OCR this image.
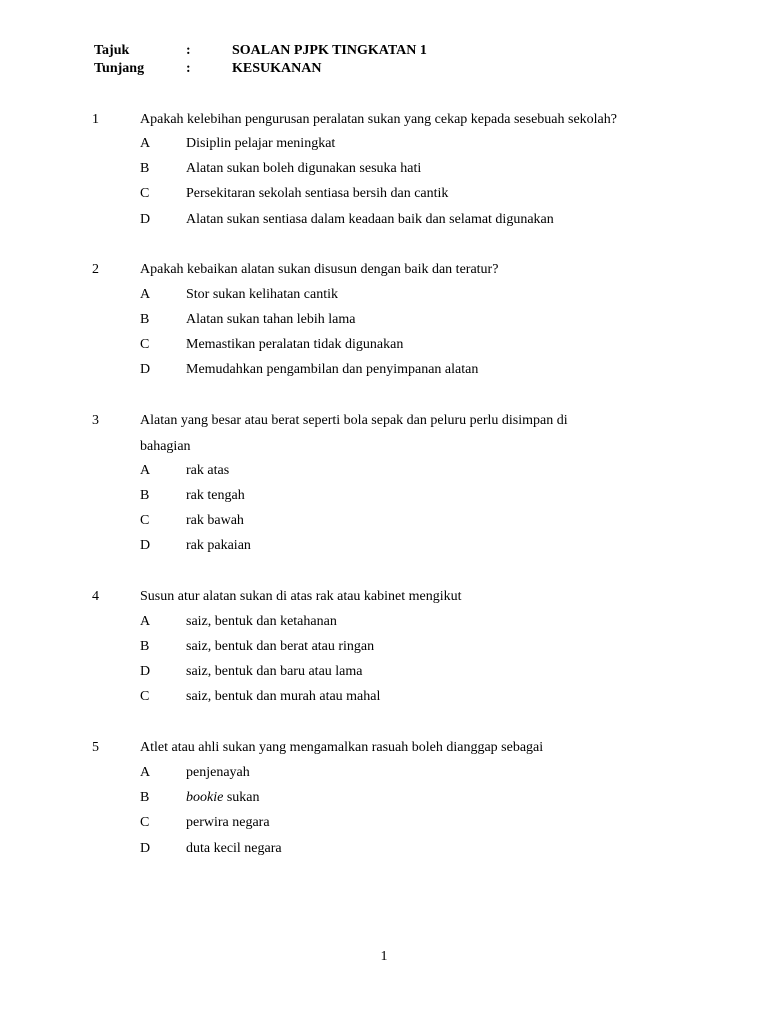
Tajuk	:	SOALAN PJPK TINGKATAN 1
Tunjang	:	KESUKANAN
1	Apakah kelebihan pengurusan peralatan sukan yang cekap kepada sesebuah sekolah?
A	Disiplin pelajar meningkat
B	Alatan sukan boleh digunakan sesuka hati
C	Persekitaran sekolah sentiasa bersih dan cantik
D	Alatan sukan sentiasa dalam keadaan baik dan selamat digunakan
2	Apakah kebaikan alatan sukan disusun dengan baik dan teratur?
A	Stor sukan kelihatan cantik
B	Alatan sukan tahan lebih lama
C	Memastikan peralatan tidak digunakan
D	Memudahkan pengambilan dan penyimpanan alatan
3	Alatan yang besar atau berat seperti bola sepak dan peluru perlu disimpan di
bahagian
A	rak atas
B	rak tengah
C	rak bawah
D	rak pakaian
4	Susun atur alatan sukan di atas rak atau kabinet mengikut
A	saiz, bentuk dan ketahanan
B	saiz, bentuk dan berat atau ringan
D	saiz, bentuk dan baru atau lama
C	saiz, bentuk dan murah atau mahal
5	Atlet atau ahli sukan yang mengamalkan rasuah boleh dianggap sebagai
A	penjenayah
B	bookie sukan
C	perwira negara
D	duta kecil negara
1
